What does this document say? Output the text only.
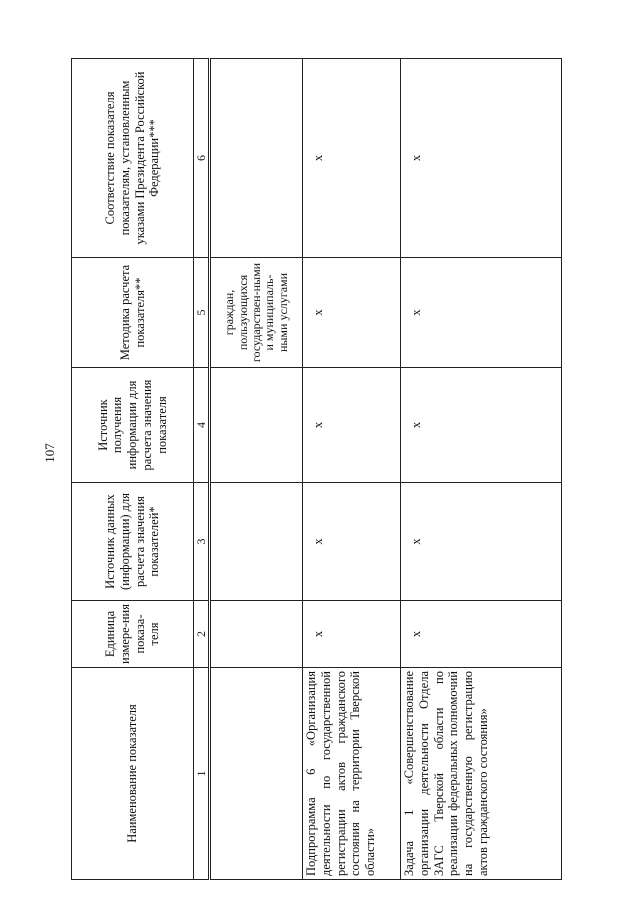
107
Наименование показателя	Единица измере-ния показа-теля	Источник данных (информации) для расчета значения показателей*	Источник получения информации для расчета значения показателя	Методика расчета показателя**	Соответствие показателя показателям, установленным указами Президента Российской Федерации***
1	2	3	4	5	6
				граждан, пользующихся государствен-ными и муниципаль-ными услугами	
Подпрограмма 6 «Организация деятельности по государственной регистрации актов гражданского состояния на территории Тверской области»	x	x	x	x	x
Задача 1 «Совершенствование организации деятельности Отдела ЗАГС Тверской области по реализации федеральных полномочий на государственную регистрацию актов гражданского состояния»	x	x	x	x	x
